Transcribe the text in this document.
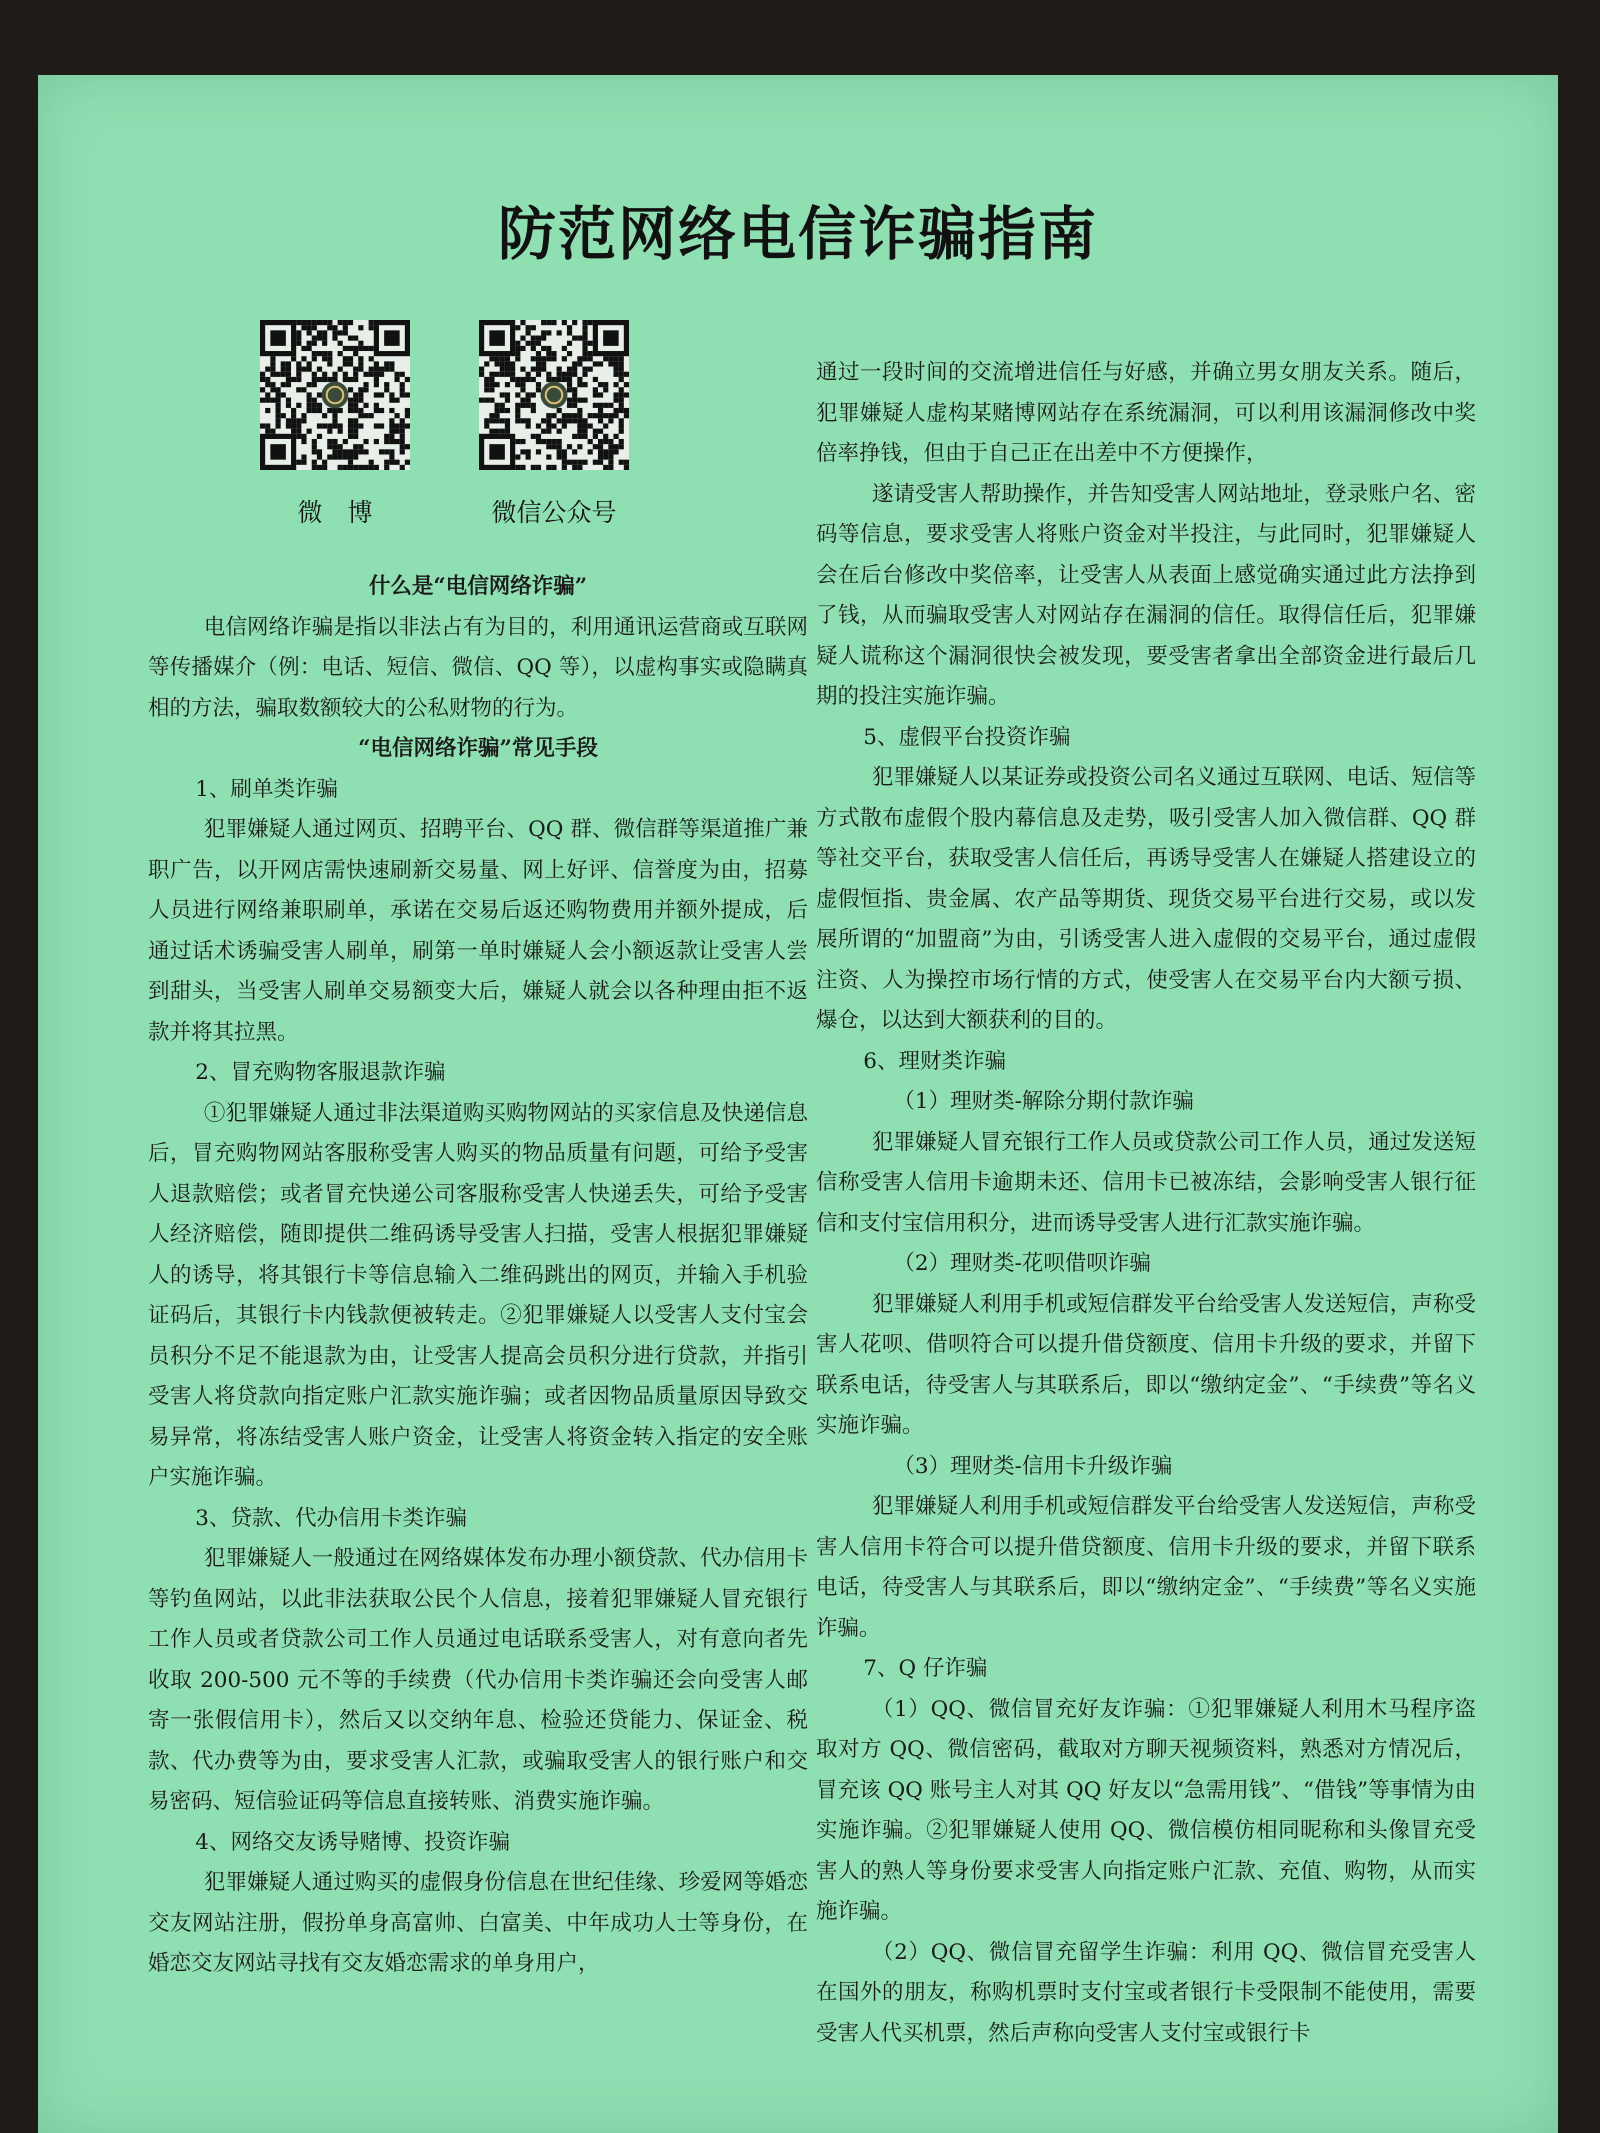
防范网络电信诈骗指南
微　博	微信公众号

什么是“电信网络诈骗”

电信网络诈骗是指以非法占有为目的，利用通讯运营商或互联网等传播媒介（例：电话、短信、微信、QQ 等），以虚构事实或隐瞒真相的方法，骗取数额较大的公私财物的行为。

“电信网络诈骗”常见手段

1、刷单类诈骗

犯罪嫌疑人通过网页、招聘平台、QQ 群、微信群等渠道推广兼职广告，以开网店需快速刷新交易量、网上好评、信誉度为由，招募人员进行网络兼职刷单，承诺在交易后返还购物费用并额外提成，后通过话术诱骗受害人刷单，刷第一单时嫌疑人会小额返款让受害人尝到甜头，当受害人刷单交易额变大后，嫌疑人就会以各种理由拒不返款并将其拉黑。

2、冒充购物客服退款诈骗

①犯罪嫌疑人通过非法渠道购买购物网站的买家信息及快递信息后，冒充购物网站客服称受害人购买的物品质量有问题，可给予受害人退款赔偿；或者冒充快递公司客服称受害人快递丢失，可给予受害人经济赔偿，随即提供二维码诱导受害人扫描，受害人根据犯罪嫌疑人的诱导，将其银行卡等信息输入二维码跳出的网页，并输入手机验证码后，其银行卡内钱款便被转走。②犯罪嫌疑人以受害人支付宝会员积分不足不能退款为由，让受害人提高会员积分进行贷款，并指引受害人将贷款向指定账户汇款实施诈骗；或者因物品质量原因导致交易异常，将冻结受害人账户资金，让受害人将资金转入指定的安全账户实施诈骗。

3、贷款、代办信用卡类诈骗

犯罪嫌疑人一般通过在网络媒体发布办理小额贷款、代办信用卡等钓鱼网站，以此非法获取公民个人信息，接着犯罪嫌疑人冒充银行工作人员或者贷款公司工作人员通过电话联系受害人，对有意向者先收取 200-500 元不等的手续费（代办信用卡类诈骗还会向受害人邮寄一张假信用卡），然后又以交纳年息、检验还贷能力、保证金、税款、代办费等为由，要求受害人汇款，或骗取受害人的银行账户和交易密码、短信验证码等信息直接转账、消费实施诈骗。

4、网络交友诱导赌博、投资诈骗

犯罪嫌疑人通过购买的虚假身份信息在世纪佳缘、珍爱网等婚恋交友网站注册，假扮单身高富帅、白富美、中年成功人士等身份，在婚恋交友网站寻找有交友婚恋需求的单身用户，

通过一段时间的交流增进信任与好感，并确立男女朋友关系。随后，犯罪嫌疑人虚构某赌博网站存在系统漏洞，可以利用该漏洞修改中奖倍率挣钱，但由于自己正在出差中不方便操作，

遂请受害人帮助操作，并告知受害人网站地址，登录账户名、密码等信息，要求受害人将账户资金对半投注，与此同时，犯罪嫌疑人会在后台修改中奖倍率，让受害人从表面上感觉确实通过此方法挣到了钱，从而骗取受害人对网站存在漏洞的信任。取得信任后，犯罪嫌疑人谎称这个漏洞很快会被发现，要受害者拿出全部资金进行最后几期的投注实施诈骗。

5、虚假平台投资诈骗

犯罪嫌疑人以某证券或投资公司名义通过互联网、电话、短信等方式散布虚假个股内幕信息及走势，吸引受害人加入微信群、QQ 群等社交平台，获取受害人信任后，再诱导受害人在嫌疑人搭建设立的虚假恒指、贵金属、农产品等期货、现货交易平台进行交易，或以发展所谓的“加盟商”为由，引诱受害人进入虚假的交易平台，通过虚假注资、人为操控市场行情的方式，使受害人在交易平台内大额亏损、爆仓，以达到大额获利的目的。

6、理财类诈骗

（1）理财类-解除分期付款诈骗

犯罪嫌疑人冒充银行工作人员或贷款公司工作人员，通过发送短信称受害人信用卡逾期未还、信用卡已被冻结，会影响受害人银行征信和支付宝信用积分，进而诱导受害人进行汇款实施诈骗。

（2）理财类-花呗借呗诈骗

犯罪嫌疑人利用手机或短信群发平台给受害人发送短信，声称受害人花呗、借呗符合可以提升借贷额度、信用卡升级的要求，并留下联系电话，待受害人与其联系后，即以“缴纳定金”、“手续费”等名义实施诈骗。

（3）理财类-信用卡升级诈骗

犯罪嫌疑人利用手机或短信群发平台给受害人发送短信，声称受害人信用卡符合可以提升借贷额度、信用卡升级的要求，并留下联系电话，待受害人与其联系后，即以“缴纳定金”、“手续费”等名义实施诈骗。

7、Q 仔诈骗

（1）QQ、微信冒充好友诈骗：①犯罪嫌疑人利用木马程序盗取对方 QQ、微信密码，截取对方聊天视频资料，熟悉对方情况后，冒充该 QQ 账号主人对其 QQ 好友以“急需用钱”、“借钱”等事情为由实施诈骗。②犯罪嫌疑人使用 QQ、微信模仿相同昵称和头像冒充受害人的熟人等身份要求受害人向指定账户汇款、充值、购物，从而实施诈骗。

（2）QQ、微信冒充留学生诈骗：利用 QQ、微信冒充受害人在国外的朋友，称购机票时支付宝或者银行卡受限制不能使用，需要受害人代买机票，然后声称向受害人支付宝或银行卡
